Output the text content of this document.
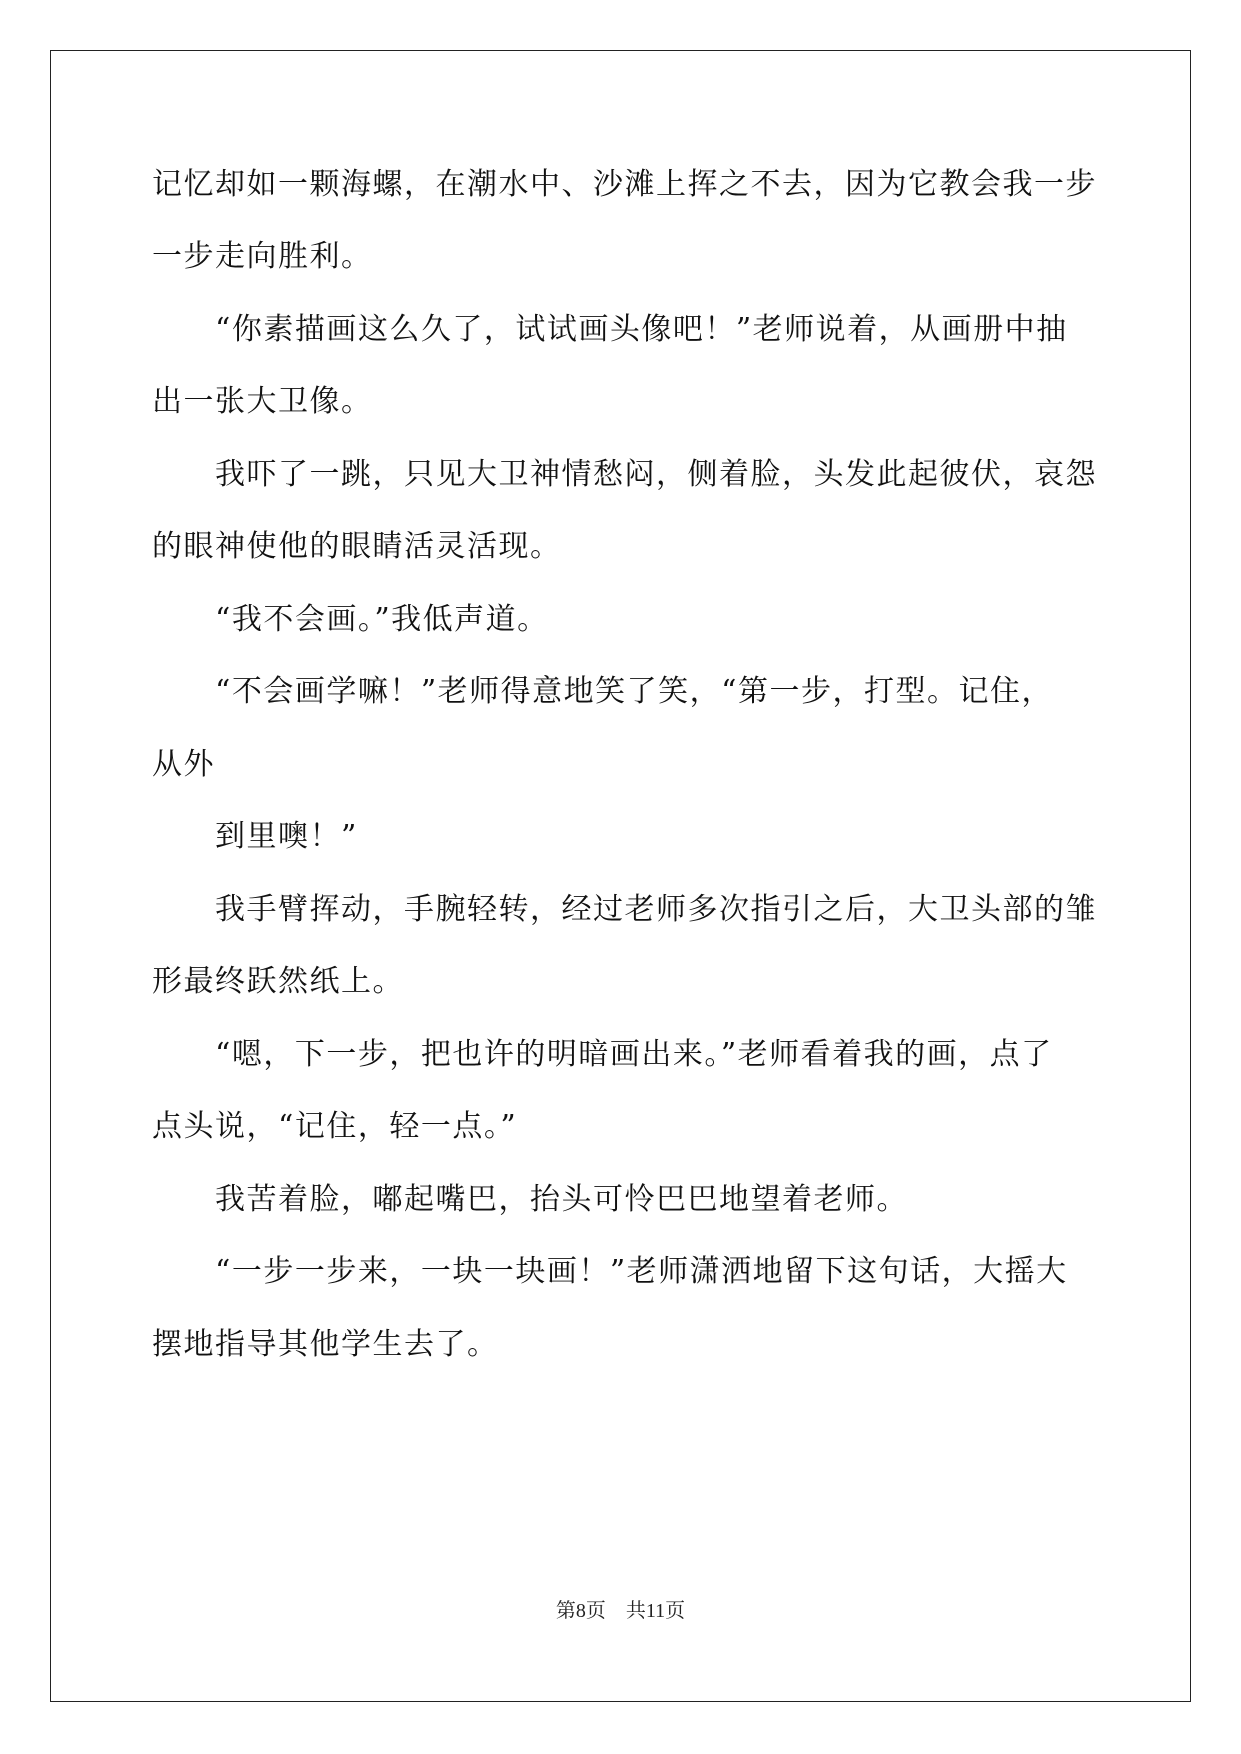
记忆却如一颗海螺，在潮水中、沙滩上挥之不去，因为它教会我一步
一步走向胜利。
“你素描画这么久了，试试画头像吧！”老师说着，从画册中抽
出一张大卫像。
我吓了一跳，只见大卫神情愁闷，侧着脸，头发此起彼伏，哀怨
的眼神使他的眼睛活灵活现。
“我不会画。”我低声道。
“不会画学嘛！”老师得意地笑了笑，“第一步，打型。记住，
从外
到里噢！”
我手臂挥动，手腕轻转，经过老师多次指引之后，大卫头部的雏
形最终跃然纸上。
“嗯，下一步，把也许的明暗画出来。”老师看着我的画，点了
点头说，“记住，轻一点。”
我苦着脸，嘟起嘴巴，抬头可怜巴巴地望着老师。
“一步一步来，一块一块画！”老师潇洒地留下这句话，大摇大
摆地指导其他学生去了。
第8页　共11页
